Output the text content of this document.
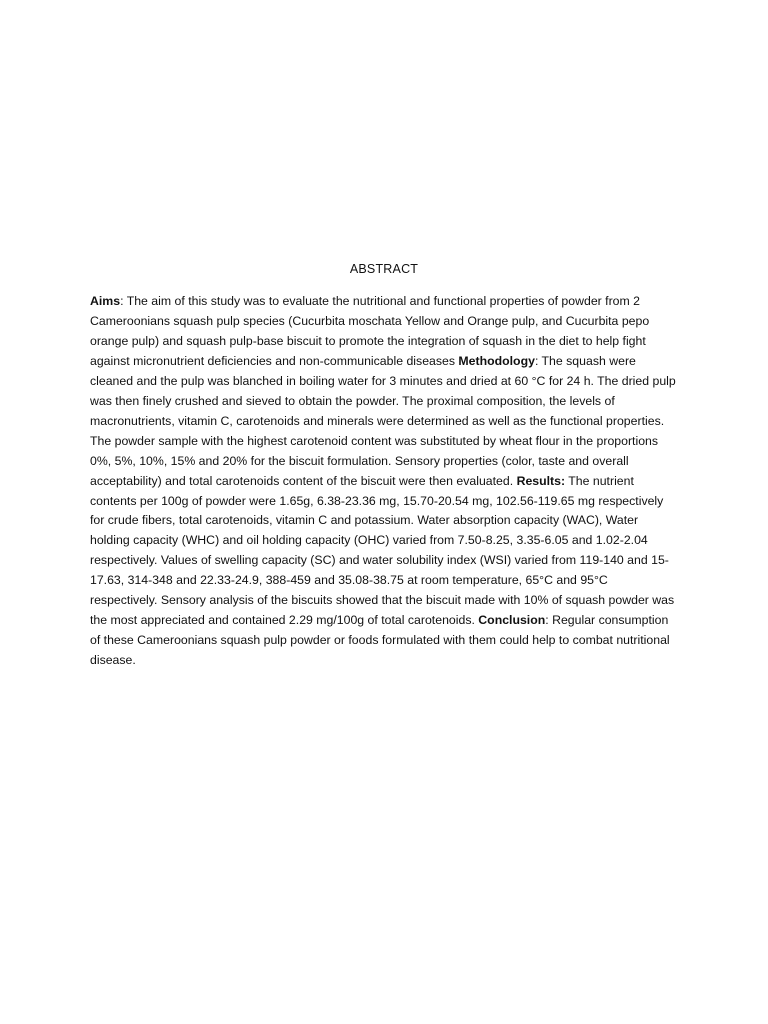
ABSTRACT
Aims: The aim of this study was to evaluate the nutritional and functional properties of powder from 2 Cameroonians squash pulp species (Cucurbita moschata Yellow and Orange pulp, and Cucurbita pepo orange pulp) and squash pulp-base biscuit to promote the integration of squash in the diet to help fight against micronutrient deficiencies and non-communicable diseases Methodology: The squash were cleaned and the pulp was blanched in boiling water for 3 minutes and dried at 60 °C for 24 h. The dried pulp was then finely crushed and sieved to obtain the powder. The proximal composition, the levels of macronutrients, vitamin C, carotenoids and minerals were determined as well as the functional properties. The powder sample with the highest carotenoid content was substituted by wheat flour in the proportions 0%, 5%, 10%, 15% and 20% for the biscuit formulation. Sensory properties (color, taste and overall acceptability) and total carotenoids content of the biscuit were then evaluated. Results: The nutrient contents per 100g of powder were 1.65g, 6.38-23.36 mg, 15.70-20.54 mg, 102.56-119.65 mg respectively for crude fibers, total carotenoids, vitamin C and potassium. Water absorption capacity (WAC), Water holding capacity (WHC) and oil holding capacity (OHC) varied from 7.50-8.25, 3.35-6.05 and 1.02-2.04 respectively. Values of swelling capacity (SC) and water solubility index (WSI) varied from 119-140 and 15-17.63, 314-348 and 22.33-24.9, 388-459 and 35.08-38.75 at room temperature, 65°C and 95°C respectively. Sensory analysis of the biscuits showed that the biscuit made with 10% of squash powder was the most appreciated and contained 2.29 mg/100g of total carotenoids. Conclusion: Regular consumption of these Cameroonians squash pulp powder or foods formulated with them could help to combat nutritional disease.
